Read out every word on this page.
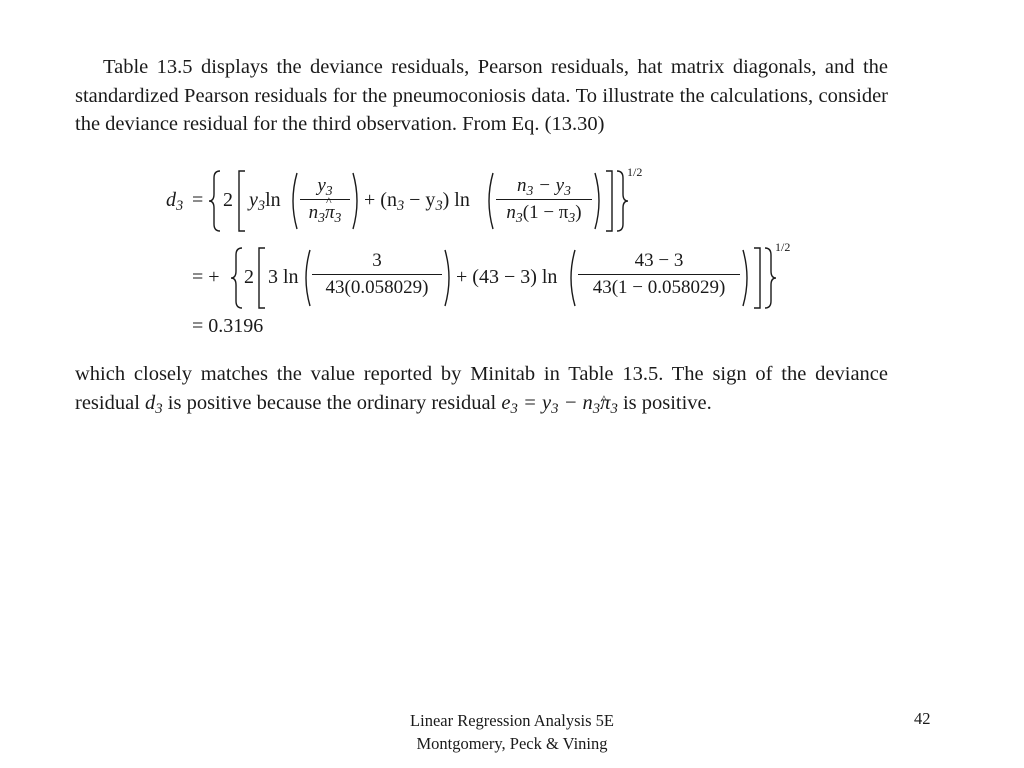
Table 13.5 displays the deviance residuals, Pearson residuals, hat matrix diagonals, and the standardized Pearson residuals for the pneumoconiosis data. To illustrate the calculations, consider the deviance residual for the third observation. From Eq. (13.30)
$d_3 = 2$ $y_3\ln$
$y_3$
$n_3\pi$ $\^{}_3$
+ $(n_3 - y_3)$ ln
$n_3 - y_3$
$n_3(1 - \pi_3)$
1/2
= + 2 3 ln
3
43(0.058029)	+ (43 − 3) ln
43 − 3
43(1 − 0.058029)
1/2
= 0.3196
which closely matches the value reported by Minitab in Table 13.5. The sign of the deviance residual $d_3$ is positive because the ordinary residual $e_3 = y_3 - n_3\pi$ $\^{}_3$ is positive.
Linear Regression Analysis 5E
Montgomery, Peck & Vining
42
